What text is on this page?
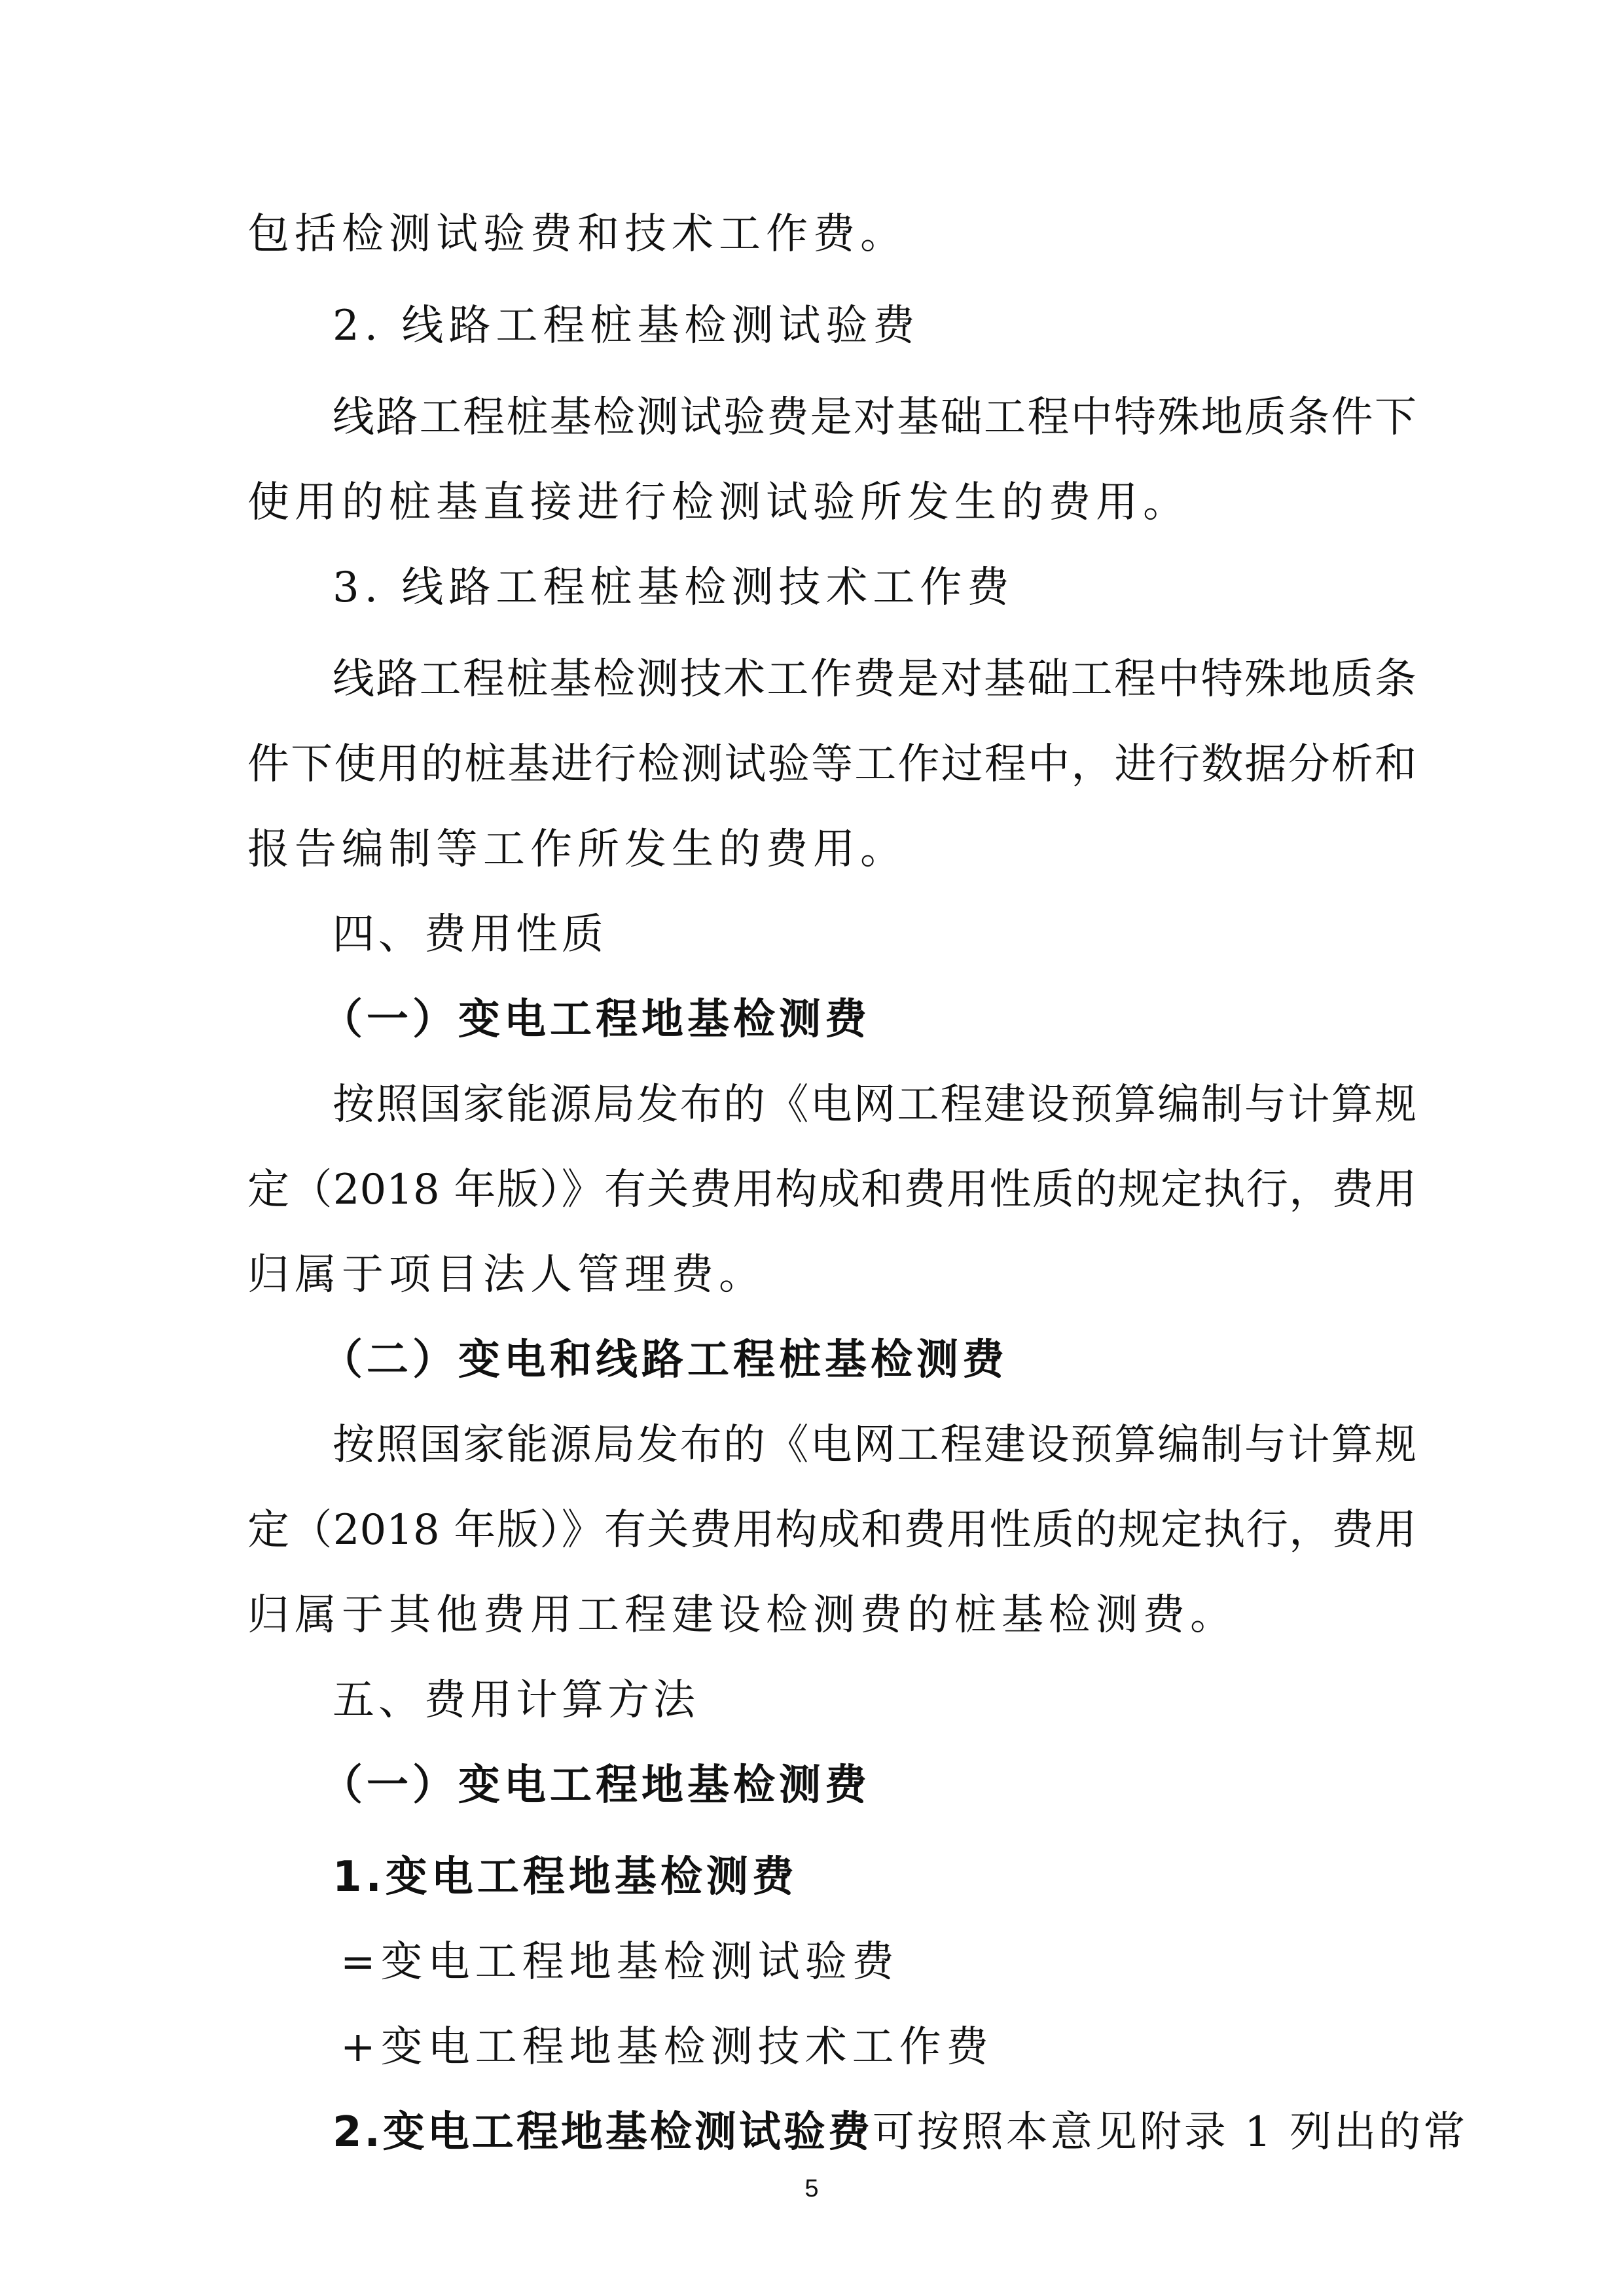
包括检测试验费和技术工作费。
2. 线路工程桩基检测试验费
线路工程桩基检测试验费是对基础工程中特殊地质条件下
使用的桩基直接进行检测试验所发生的费用。
3. 线路工程桩基检测技术工作费
线路工程桩基检测技术工作费是对基础工程中特殊地质条
件下使用的桩基进行检测试验等工作过程中，进行数据分析和
报告编制等工作所发生的费用。
四、费用性质
（一）变电工程地基检测费
按照国家能源局发布的《电网工程建设预算编制与计算规
定（2018 年版）》有关费用构成和费用性质的规定执行，费用
归属于项目法人管理费。
（二）变电和线路工程桩基检测费
按照国家能源局发布的《电网工程建设预算编制与计算规
定（2018 年版）》有关费用构成和费用性质的规定执行，费用
归属于其他费用工程建设检测费的桩基检测费。
五、费用计算方法
（一）变电工程地基检测费
1.变电工程地基检测费
=变电工程地基检测试验费
+变电工程地基检测技术工作费
2.变电工程地基检测试验费可按照本意见附录 1 列出的常
5
